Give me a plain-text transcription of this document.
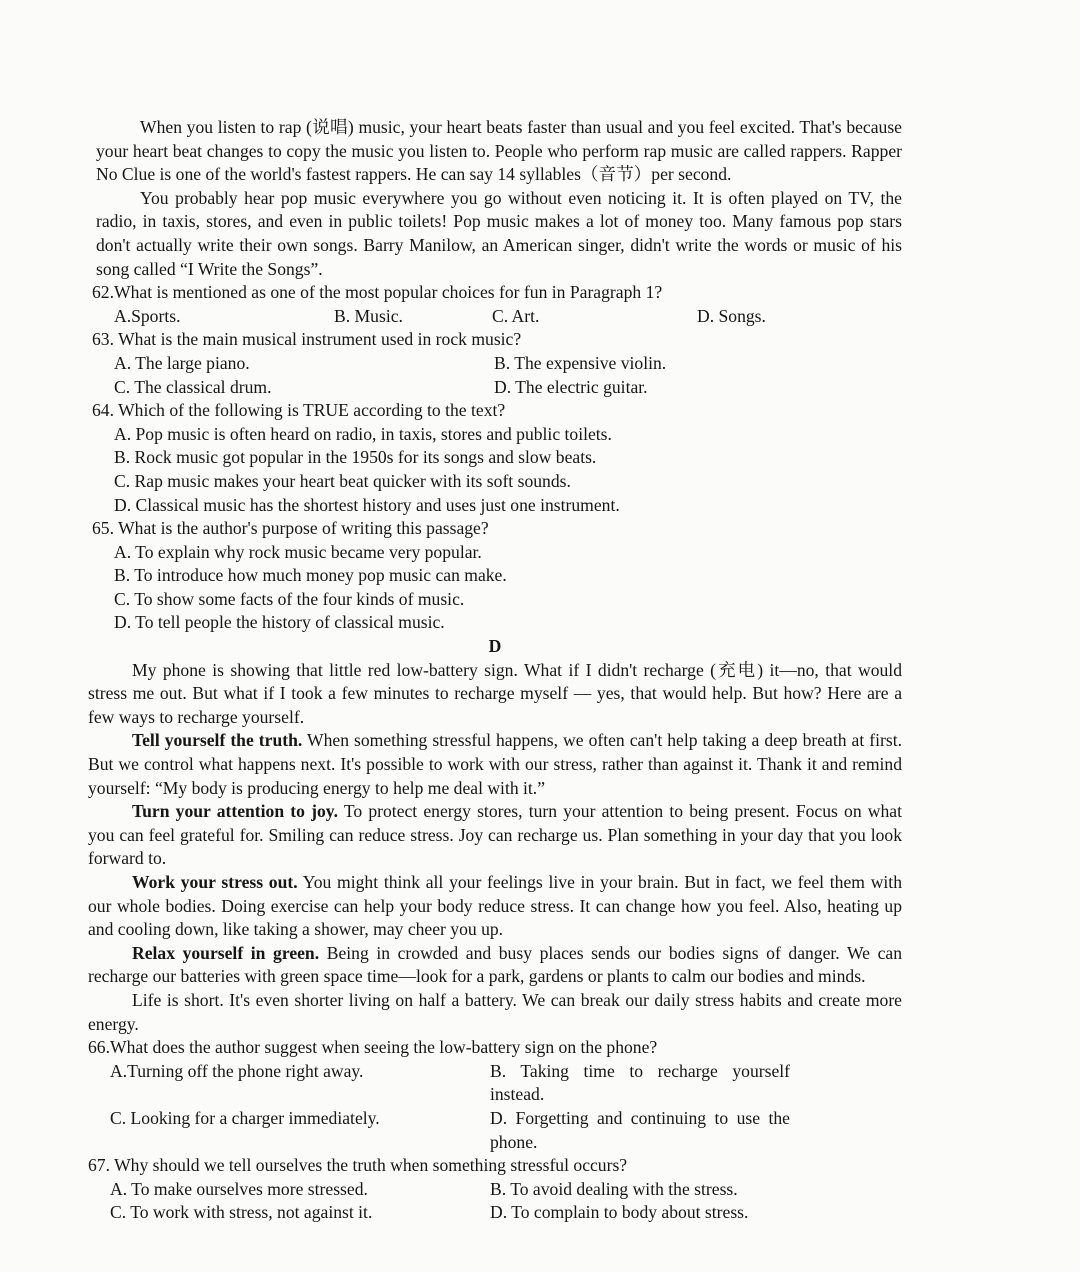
When you listen to rap (说唱) music, your heart beats faster than usual and you feel excited. That's because your heart beat changes to copy the music you listen to. People who perform rap music are called rappers. Rapper No Clue is one of the world's fastest rappers. He can say 14 syllables（音节）per second.

You probably hear pop music everywhere you go without even noticing it. It is often played on TV, the radio, in taxis, stores, and even in public toilets! Pop music makes a lot of money too. Many famous pop stars don't actually write their own songs. Barry Manilow, an American singer, didn't write the words or music of his song called “I Write the Songs”.

62.What is mentioned as one of the most popular choices for fun in Paragraph 1?

A.Sports.	B. Music.	C. Art.	D. Songs.

63. What is the main musical instrument used in rock music?

A. The large piano.	B. The expensive violin.
C. The classical drum.	D. The electric guitar.

64. Which of the following is TRUE according to the text?

A. Pop music is often heard on radio, in taxis, stores and public toilets.

B. Rock music got popular in the 1950s for its songs and slow beats.

C. Rap music makes your heart beat quicker with its soft sounds.

D. Classical music has the shortest history and uses just one instrument.

65. What is the author's purpose of writing this passage?

A. To explain why rock music became very popular.

B. To introduce how much money pop music can make.

C. To show some facts of the four kinds of music.

D. To tell people the history of classical music.

D

My phone is showing that little red low-battery sign. What if I didn't recharge (充电) it—no, that would stress me out. But what if I took a few minutes to recharge myself — yes, that would help. But how? Here are a few ways to recharge yourself.

Tell yourself the truth. When something stressful happens, we often can't help taking a deep breath at first. But we control what happens next. It's possible to work with our stress, rather than against it. Thank it and remind yourself: “My body is producing energy to help me deal with it.”

Turn your attention to joy. To protect energy stores, turn your attention to being present. Focus on what you can feel grateful for. Smiling can reduce stress. Joy can recharge us. Plan something in your day that you look forward to.

Work your stress out. You might think all your feelings live in your brain. But in fact, we feel them with our whole bodies. Doing exercise can help your body reduce stress. It can change how you feel. Also, heating up and cooling down, like taking a shower, may cheer you up.

Relax yourself in green. Being in crowded and busy places sends our bodies signs of danger. We can recharge our batteries with green space time—look for a park, gardens or plants to calm our bodies and minds.

Life is short. It's even shorter living on half a battery. We can break our daily stress habits and create more energy.

66.What does the author suggest when seeing the low-battery sign on the phone?

A.Turning off the phone right away.	B. Taking time to recharge yourself instead.
C. Looking for a charger immediately.	D. Forgetting and continuing to use the phone.

67. Why should we tell ourselves the truth when something stressful occurs?

A. To make ourselves more stressed.	B. To avoid dealing with the stress.
C. To work with stress, not against it.	D. To complain to body about stress.
